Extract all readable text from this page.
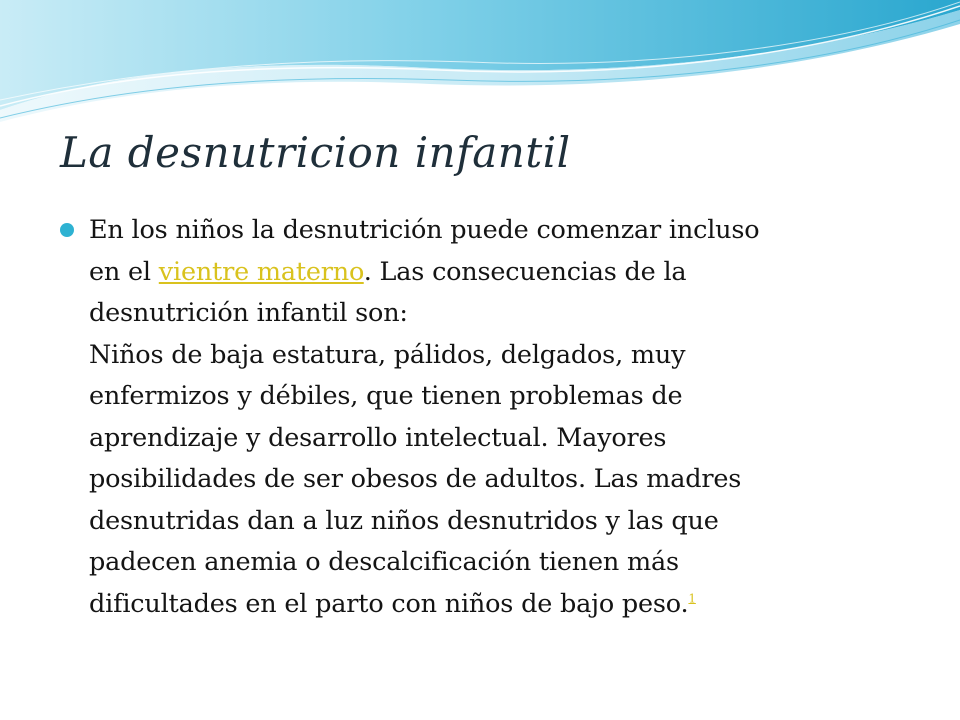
La desnutricion infantil

En los niños la desnutrición puede comenzar incluso
en el vientre materno. Las consecuencias de la
desnutrición infantil son:
Niños de baja estatura, pálidos, delgados, muy
enfermizos y débiles, que tienen problemas de
aprendizaje y desarrollo intelectual. Mayores
posibilidades de ser obesos de adultos. Las madres
desnutridas dan a luz niños desnutridos y las que
padecen anemia o descalcificación tienen más
dificultades en el parto con niños de bajo peso.$^1$
